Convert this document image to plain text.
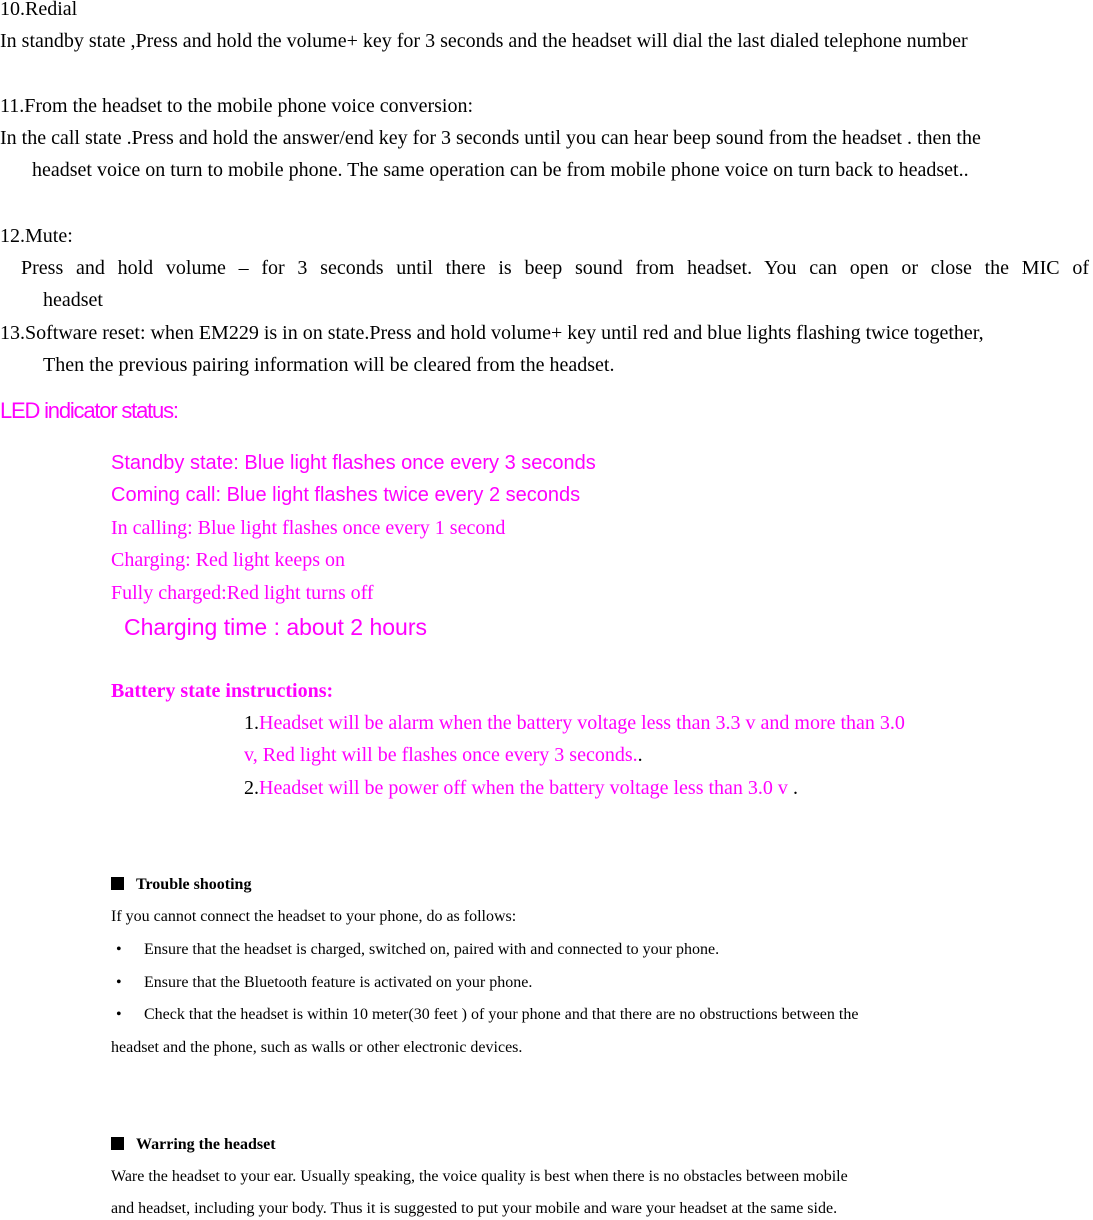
10.Redial
In standby state ,Press and hold the volume+ key for 3 seconds and the headset will dial the last dialed telephone number
11.From the headset to the mobile phone voice conversion:
In the call state .Press and hold the answer/end key for 3 seconds until you can hear beep sound from the headset . then the
headset voice on turn to mobile phone. The same operation can be from mobile phone voice on turn back to headset..
12.Mute:
Press and hold volume – for 3 seconds until there is beep sound from headset. You can open or close the MIC of
headset
13.Software reset: when EM229 is in on state.Press and hold volume+ key until red and blue lights flashing twice together,
Then the previous pairing information will be cleared from the headset.
LED indicator status:
Standby state: Blue light flashes once every 3 seconds
Coming call: Blue light flashes twice every 2 seconds
In calling: Blue light flashes once every 1 second
Charging: Red light keeps on
Fully charged:Red light turns off
Charging time : about 2 hours
Battery state instructions:
1.Headset will be alarm when the battery voltage less than 3.3 v and more than 3.0
v, Red light will be flashes once every 3 seconds..
2.Headset will be power off when the battery voltage less than 3.0 v .
Trouble shooting
If you cannot connect the headset to your phone, do as follows:
• Ensure that the headset is charged, switched on, paired with and connected to your phone.
• Ensure that the Bluetooth feature is activated on your phone.
• Check that the headset is within 10 meter(30 feet ) of your phone and that there are no obstructions between the
headset and the phone, such as walls or other electronic devices.
Warring the headset
Ware the headset to your ear. Usually speaking, the voice quality is best when there is no obstacles between mobile
and headset, including your body. Thus it is suggested to put your mobile and ware your headset at the same side.
